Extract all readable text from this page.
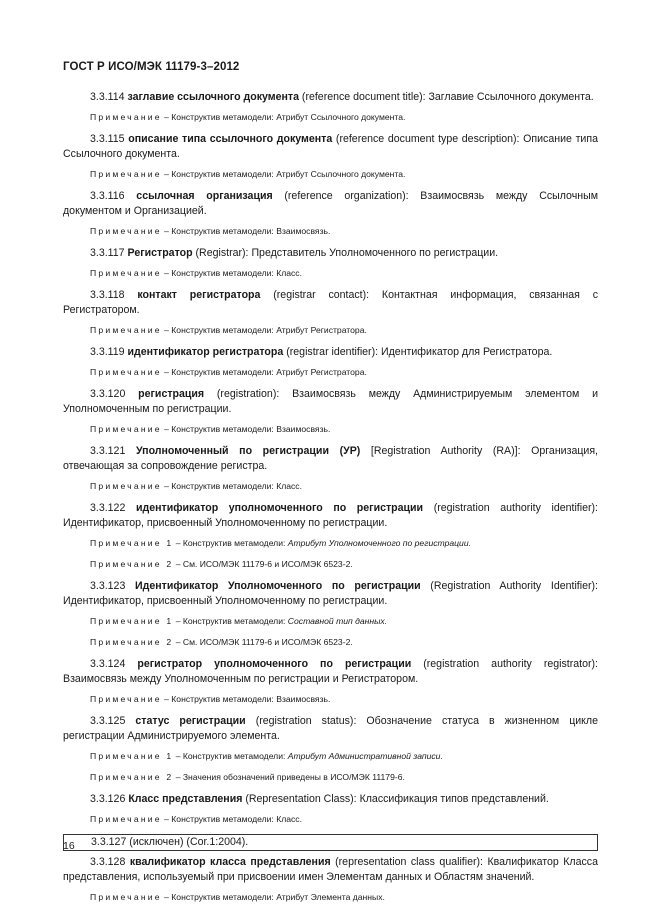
ГОСТ Р ИСО/МЭК 11179-3–2012

3.3.114 заглавие ссылочного документа (reference document title): Заглавие Ссылочного документа.

Примечание – Конструктив метамодели: Атрибут Ссылочного документа.

3.3.115 описание типа ссылочного документа (reference document type description): Описание типа Ссылочного документа.

Примечание – Конструктив метамодели: Атрибут Ссылочного документа.

3.3.116 ссылочная организация (reference organization): Взаимосвязь между Ссылочным документом и Организацией.

Примечание – Конструктив метамодели: Взаимосвязь.

3.3.117 Регистратор (Registrar): Представитель Уполномоченного по регистрации.

Примечание – Конструктив метамодели: Класс.

3.3.118 контакт регистратора (registrar contact): Контактная информация, связанная с Регистратором.

Примечание – Конструктив метамодели: Атрибут Регистратора.

3.3.119 идентификатор регистратора (registrar identifier): Идентификатор для Регистратора.

Примечание – Конструктив метамодели: Атрибут Регистратора.

3.3.120 регистрация (registration): Взаимосвязь между Администрируемым элементом и Уполномоченным по регистрации.

Примечание – Конструктив метамодели: Взаимосвязь.

3.3.121 Уполномоченный по регистрации (УР) [Registration Authority (RA)]: Организация, отвечающая за сопровождение регистра.

Примечание – Конструктив метамодели: Класс.

3.3.122 идентификатор уполномоченного по регистрации (registration authority identifier): Идентификатор, присвоенный Уполномоченному по регистрации.

Примечание 1 – Конструктив метамодели: Атрибут Уполномоченного по регистрации.

Примечание 2 – См. ИСО/МЭК 11179-6 и ИСО/МЭК 6523-2.

3.3.123 Идентификатор Уполномоченного по регистрации (Registration Authority Identifier): Идентификатор, присвоенный Уполномоченному по регистрации.

Примечание 1 – Конструктив метамодели: Составной тип данных.

Примечание 2 – См. ИСО/МЭК 11179-6 и ИСО/МЭК 6523-2.

3.3.124 регистратор уполномоченного по регистрации (registration authority registrator): Взаимосвязь между Уполномоченным по регистрации и Регистратором.

Примечание – Конструктив метамодели: Взаимосвязь.

3.3.125 статус регистрации (registration status): Обозначение статуса в жизненном цикле регистрации Администрируемого элемента.

Примечание 1 – Конструктив метамодели: Атрибут Административной записи.

Примечание 2 – Значения обозначений приведены в ИСО/МЭК 11179-6.

3.3.126 Класс представления (Representation Class): Классификация типов представлений.

Примечание – Конструктив метамодели: Класс.

3.3.127 (исключен) (Cor.1:2004).

3.3.128 квалификатор класса представления (representation class qualifier): Квалификатор Класса представления, используемый при присвоении имен Элементам данных и Областям значений.

Примечание – Конструктив метамодели: Атрибут Элемента данных.

16
